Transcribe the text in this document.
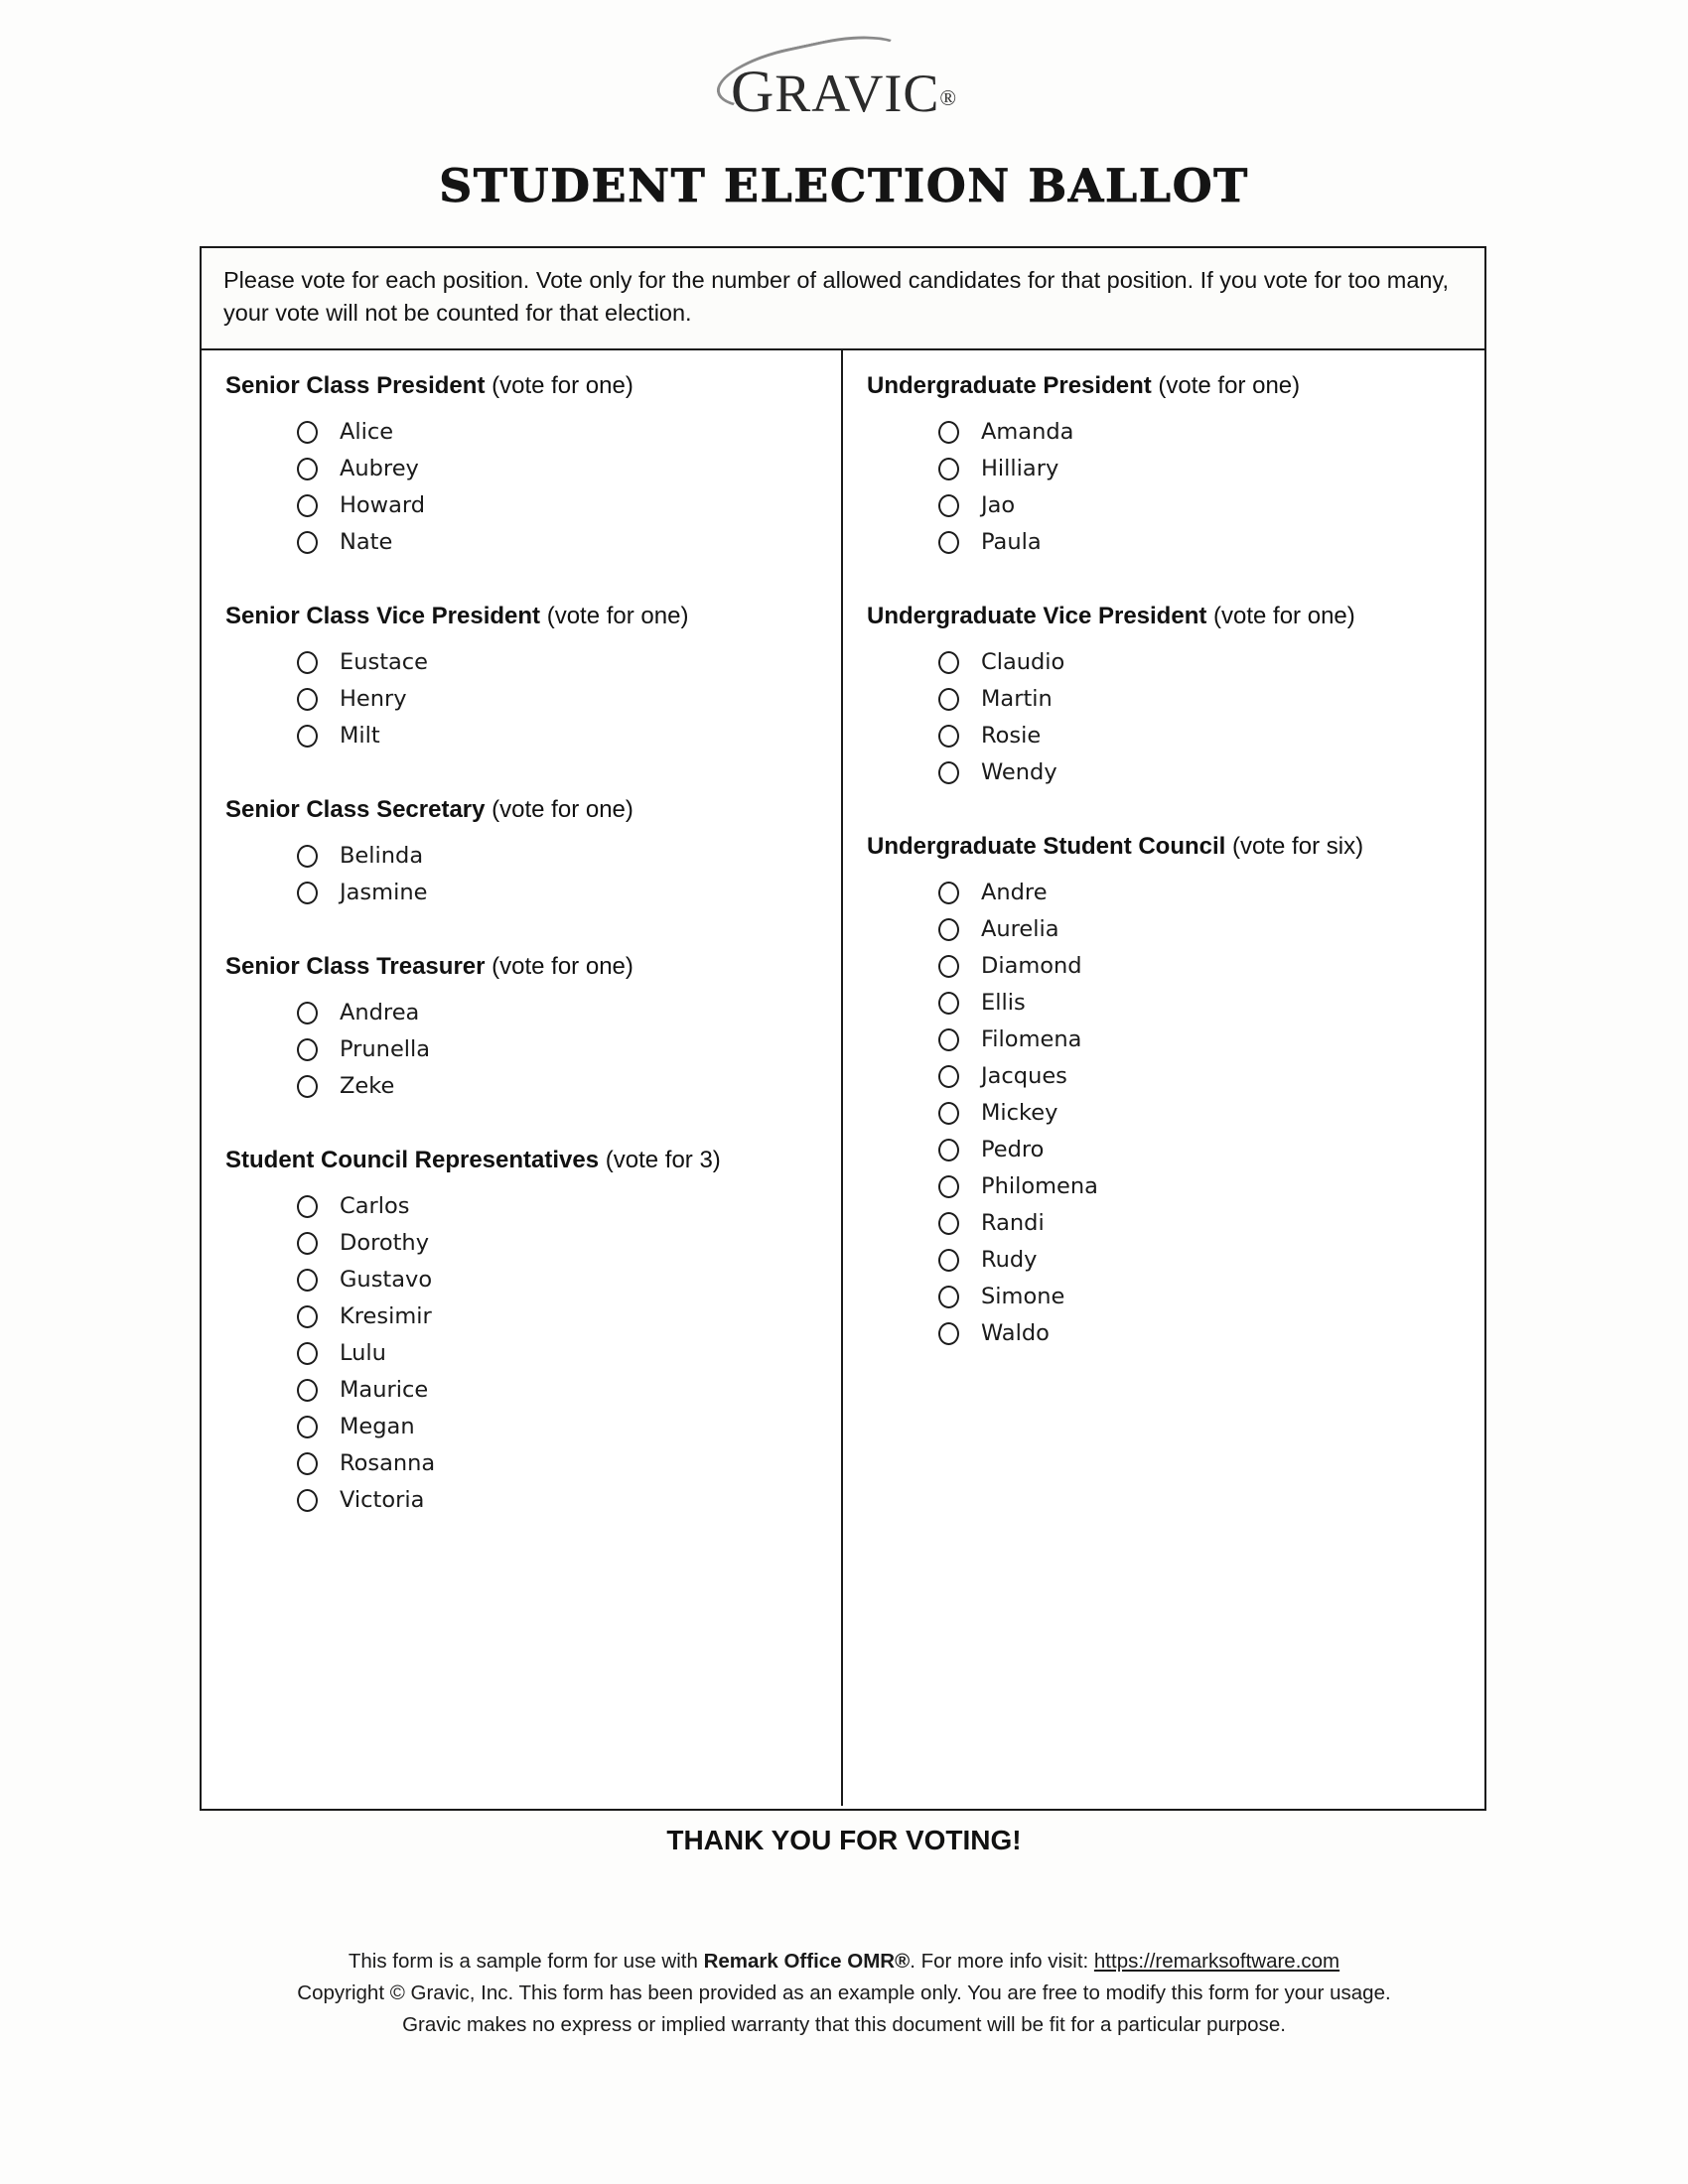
GRAVIC®
STUDENT ELECTION BALLOT
Please vote for each position. Vote only for the number of allowed candidates for that position. If you vote for too many, your vote will not be counted for that election.
Senior Class President (vote for one)
Alice
Aubrey
Howard
Nate
Senior Class Vice President (vote for one)
Eustace
Henry
Milt
Senior Class Secretary (vote for one)
Belinda
Jasmine
Senior Class Treasurer (vote for one)
Andrea
Prunella
Zeke
Student Council Representatives (vote for 3)
Carlos
Dorothy
Gustavo
Kresimir
Lulu
Maurice
Megan
Rosanna
Victoria
Undergraduate President (vote for one)
Amanda
Hilliary
Jao
Paula
Undergraduate Vice President (vote for one)
Claudio
Martin
Rosie
Wendy
Undergraduate Student Council (vote for six)
Andre
Aurelia
Diamond
Ellis
Filomena
Jacques
Mickey
Pedro
Philomena
Randi
Rudy
Simone
Waldo
THANK YOU FOR VOTING!
This form is a sample form for use with Remark Office OMR®. For more info visit: https://remarksoftware.com
Copyright © Gravic, Inc. This form has been provided as an example only. You are free to modify this form for your usage.
Gravic makes no express or implied warranty that this document will be fit for a particular purpose.
